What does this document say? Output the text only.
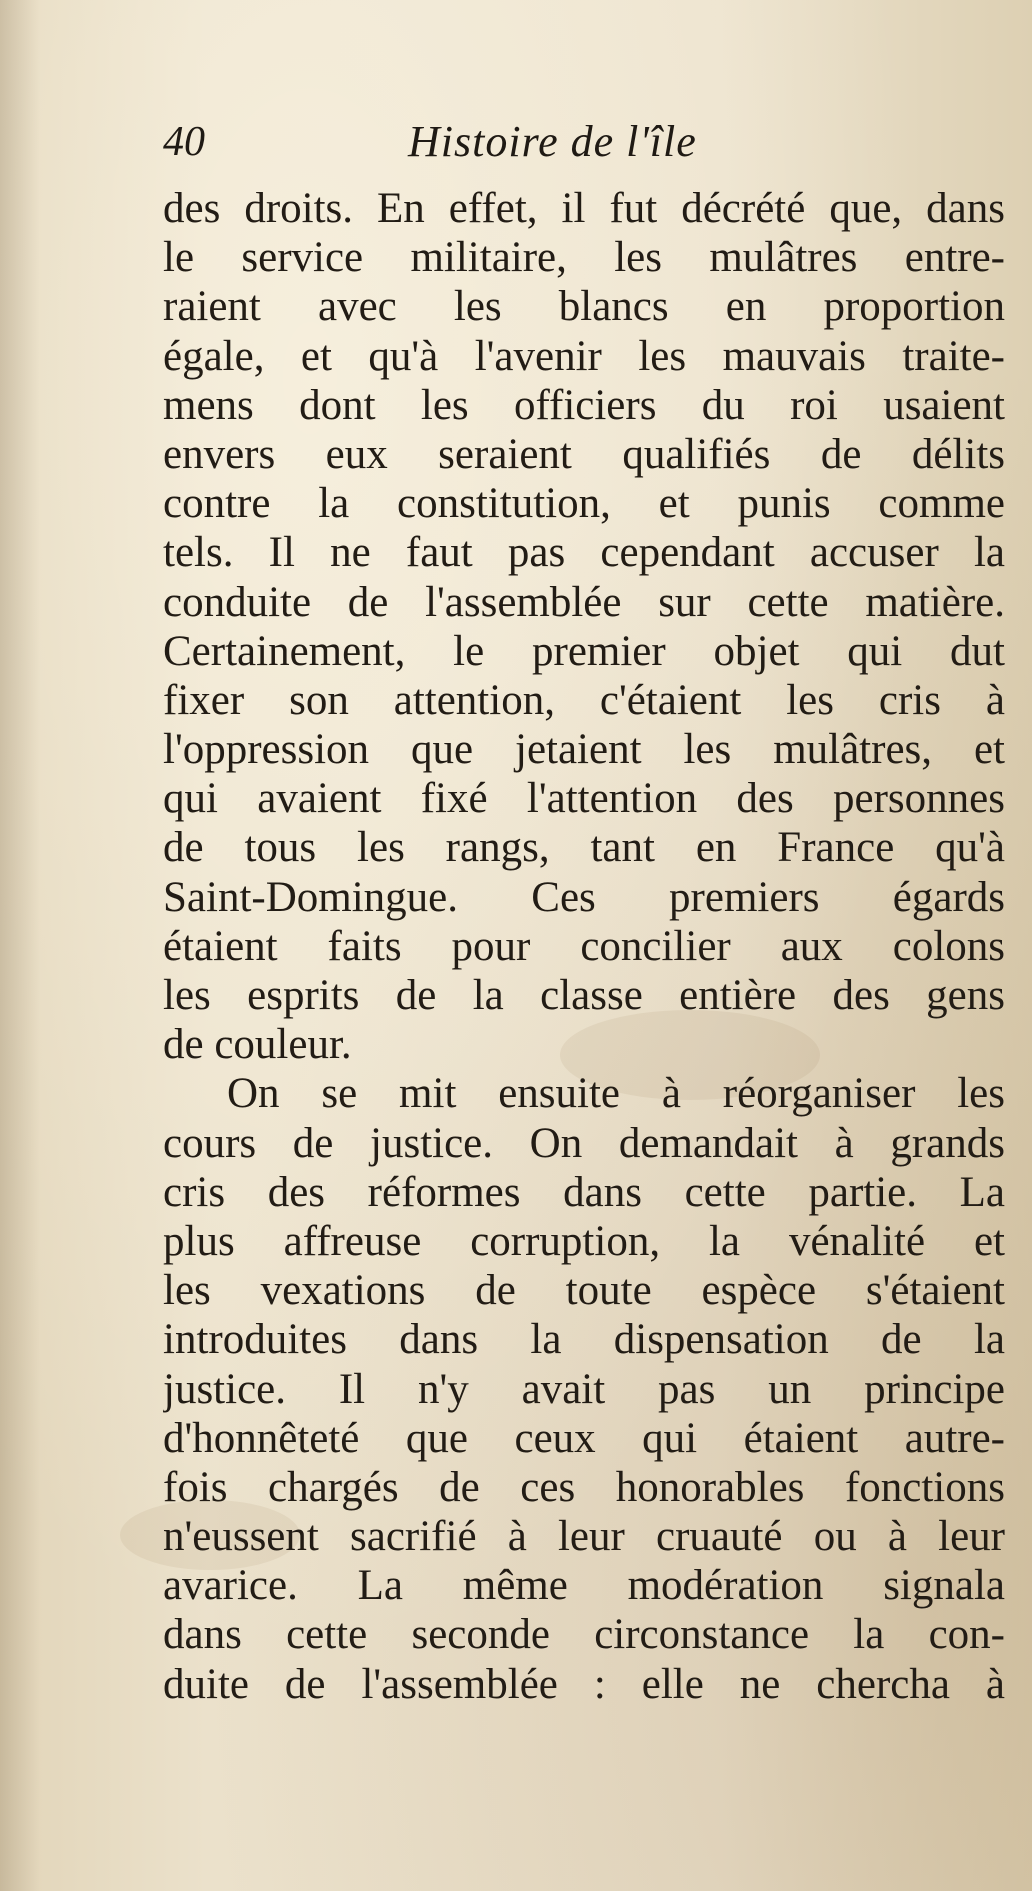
40	Histoire de l'île
des droits. En effet, il fut décrété que, dans
le service militaire, les mulâtres entre-
raient avec les blancs en proportion
égale, et qu'à l'avenir les mauvais traite-
mens dont les officiers du roi usaient
envers eux seraient qualifiés de délits
contre la constitution, et punis comme
tels. Il ne faut pas cependant accuser la
conduite de l'assemblée sur cette matière.
Certainement, le premier objet qui dut
fixer son attention, c'étaient les cris à
l'oppression que jetaient les mulâtres, et
qui avaient fixé l'attention des personnes
de tous les rangs, tant en France qu'à
Saint-Domingue. Ces premiers égards
étaient faits pour concilier aux colons
les esprits de la classe entière des gens
de couleur.
On se mit ensuite à réorganiser les
cours de justice. On demandait à grands
cris des réformes dans cette partie. La
plus affreuse corruption, la vénalité et
les vexations de toute espèce s'étaient
introduites dans la dispensation de la
justice. Il n'y avait pas un principe
d'honnêteté que ceux qui étaient autre-
fois chargés de ces honorables fonctions
n'eussent sacrifié à leur cruauté ou à leur
avarice. La même modération signala
dans cette seconde circonstance la con-
duite de l'assemblée : elle ne chercha à
